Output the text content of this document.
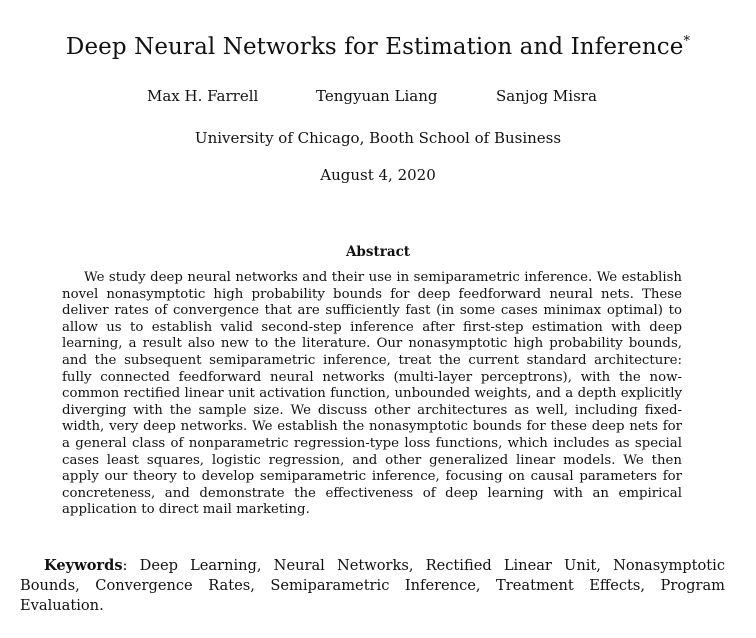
Deep Neural Networks for Estimation and Inference*
Max H. Farrell	Tengyuan Liang	Sanjog Misra
University of Chicago, Booth School of Business
August 4, 2020
Abstract

We study deep neural networks and their use in semiparametric inference. We establish novel nonasymptotic high probability bounds for deep feedforward neural nets. These deliver rates of convergence that are sufficiently fast (in some cases minimax optimal) to allow us to establish valid second-step inference after first-step estimation with deep learning, a result also new to the literature. Our nonasymptotic high probability bounds, and the subsequent semiparametric inference, treat the current standard architecture: fully connected feedforward neural networks (multi-layer perceptrons), with the now-common rectified linear unit activation function, unbounded weights, and a depth explicitly diverging with the sample size. We discuss other architectures as well, including fixed-width, very deep networks. We establish the nonasymptotic bounds for these deep nets for a general class of nonparametric regression-type loss functions, which includes as special cases least squares, logistic regression, and other generalized linear models. We then apply our theory to develop semiparametric inference, focusing on causal parameters for concreteness, and demonstrate the effectiveness of deep learning with an empirical application to direct mail marketing.

Keywords: Deep Learning, Neural Networks, Rectified Linear Unit, Nonasymptotic Bounds, Convergence Rates, Semiparametric Inference, Treatment Effects, Program Evaluation.
